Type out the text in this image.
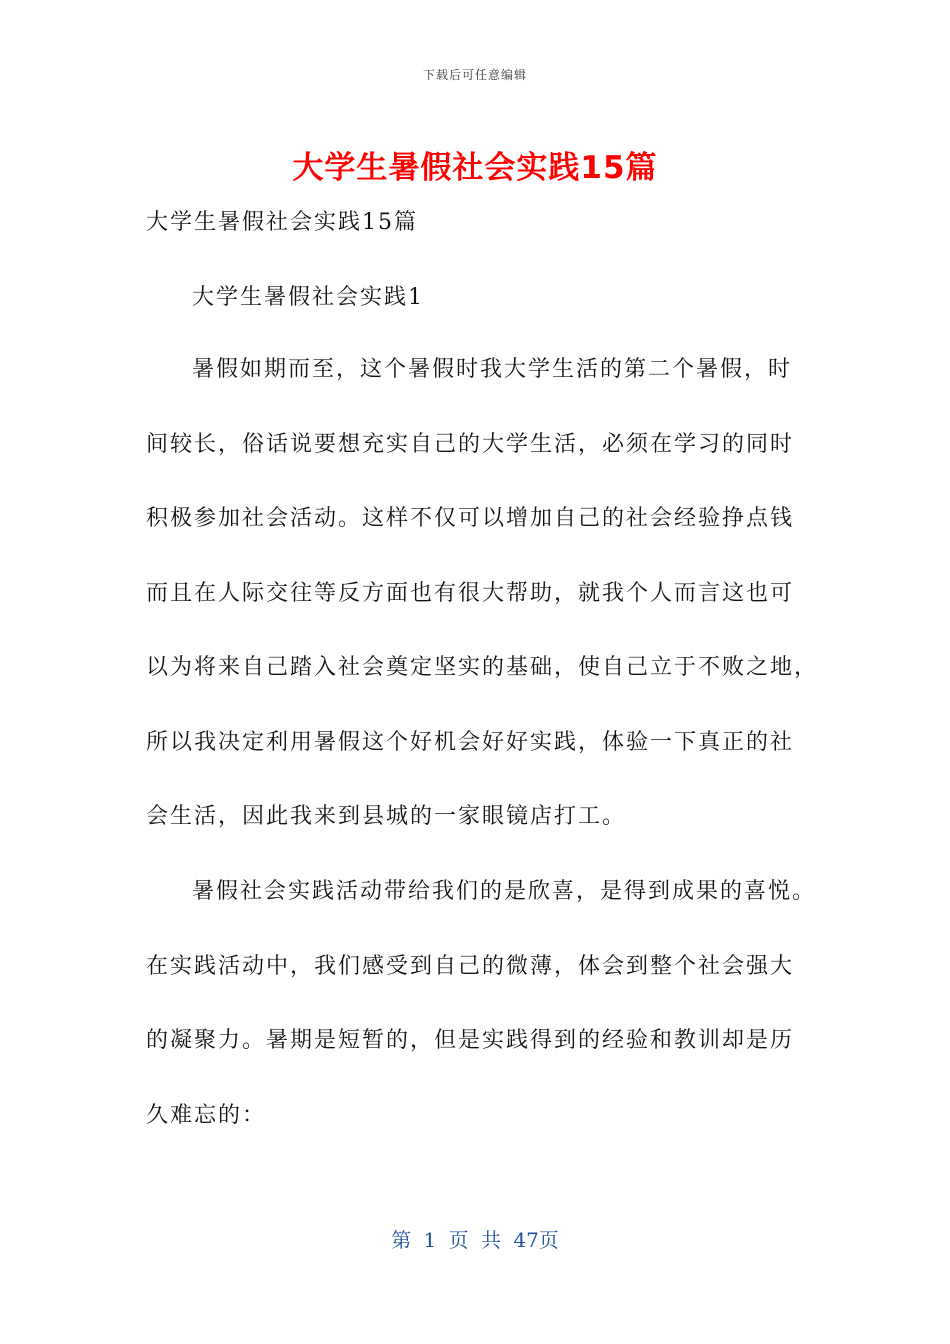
下载后可任意编辑
大学生暑假社会实践15篇
大学生暑假社会实践15篇
大学生暑假社会实践1
暑假如期而至，这个暑假时我大学生活的第二个暑假，时
间较长，俗话说要想充实自己的大学生活，必须在学习的同时
积极参加社会活动。这样不仅可以增加自己的社会经验挣点钱
而且在人际交往等反方面也有很大帮助，就我个人而言这也可
以为将来自己踏入社会奠定坚实的基础，使自己立于不败之地，
所以我决定利用暑假这个好机会好好实践，体验一下真正的社
会生活，因此我来到县城的一家眼镜店打工。
暑假社会实践活动带给我们的是欣喜，是得到成果的喜悦。
在实践活动中，我们感受到自己的微薄，体会到整个社会强大
的凝聚力。暑期是短暂的，但是实践得到的经验和教训却是历
久难忘的：
第 1 页 共 47页
